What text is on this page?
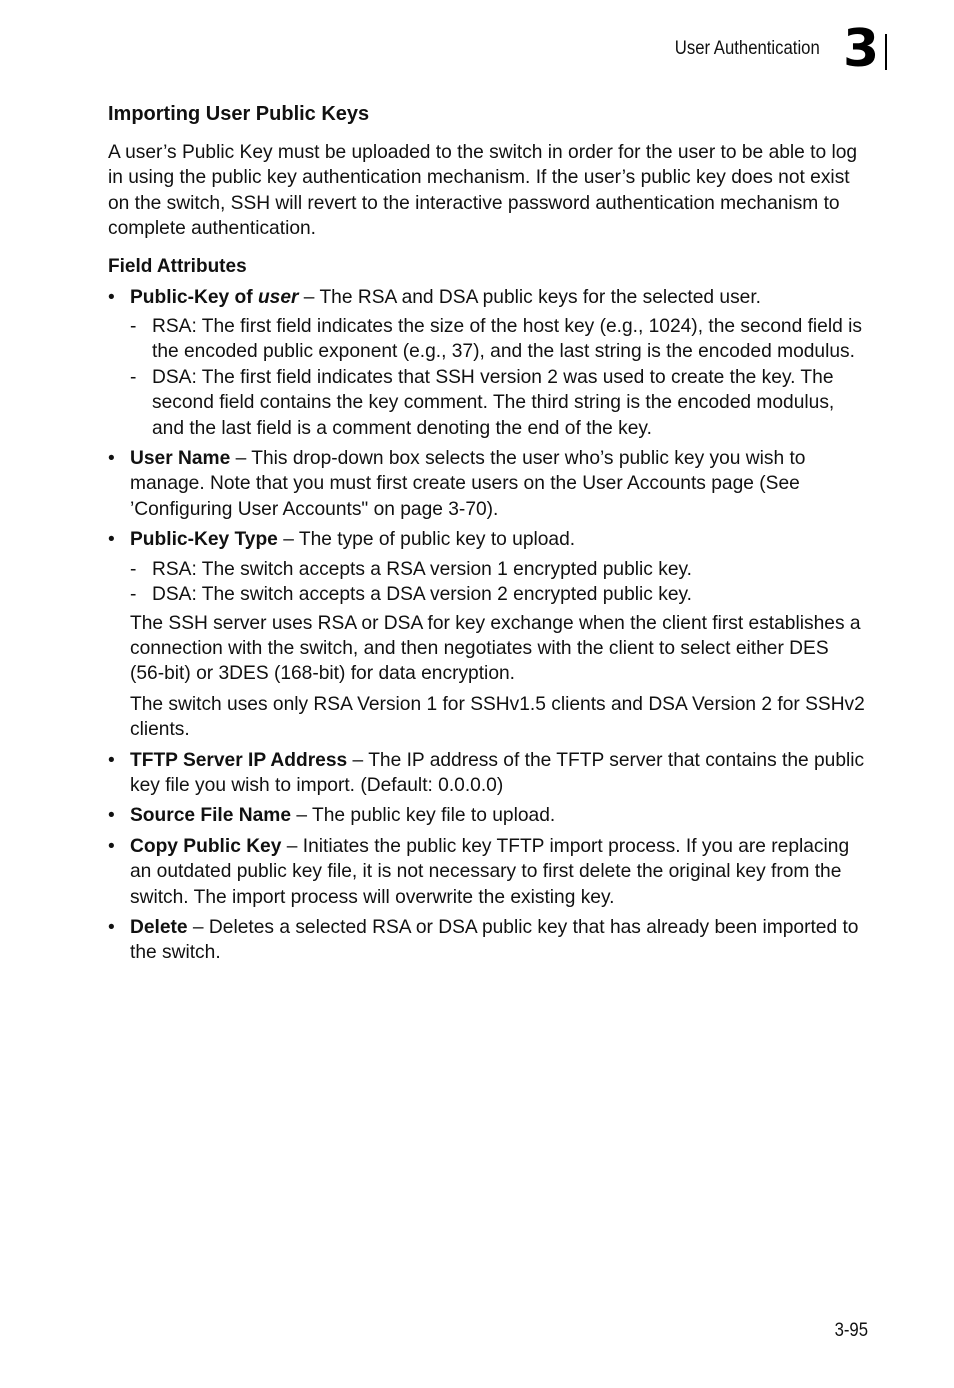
User Authentication 3
Importing User Public Keys

A user’s Public Key must be uploaded to the switch in order for the user to be able to log in using the public key authentication mechanism. If the user’s public key does not exist on the switch, SSH will revert to the interactive password authentication mechanism to complete authentication.

Field Attributes
• Public-Key of user – The RSA and DSA public keys for the selected user.
- RSA: The first field indicates the size of the host key (e.g., 1024), the second field is the encoded public exponent (e.g., 37), and the last string is the encoded modulus.
- DSA: The first field indicates that SSH version 2 was used to create the key. The second field contains the key comment. The third string is the encoded modulus, and the last field is a comment denoting the end of the key.
• User Name – This drop-down box selects the user who’s public key you wish to manage. Note that you must first create users on the User Accounts page (See ’Configuring User Accounts" on page 3-70).
• Public-Key Type – The type of public key to upload.
- RSA: The switch accepts a RSA version 1 encrypted public key.
- DSA: The switch accepts a DSA version 2 encrypted public key.

The SSH server uses RSA or DSA for key exchange when the client first establishes a connection with the switch, and then negotiates with the client to select either DES (56-bit) or 3DES (168-bit) for data encryption.

The switch uses only RSA Version 1 for SSHv1.5 clients and DSA Version 2 for SSHv2 clients.

• TFTP Server IP Address – The IP address of the TFTP server that contains the public key file you wish to import. (Default: 0.0.0.0)
• Source File Name – The public key file to upload.
• Copy Public Key – Initiates the public key TFTP import process. If you are replacing an outdated public key file, it is not necessary to first delete the original key from the switch. The import process will overwrite the existing key.
• Delete – Deletes a selected RSA or DSA public key that has already been imported to the switch.
3-95
